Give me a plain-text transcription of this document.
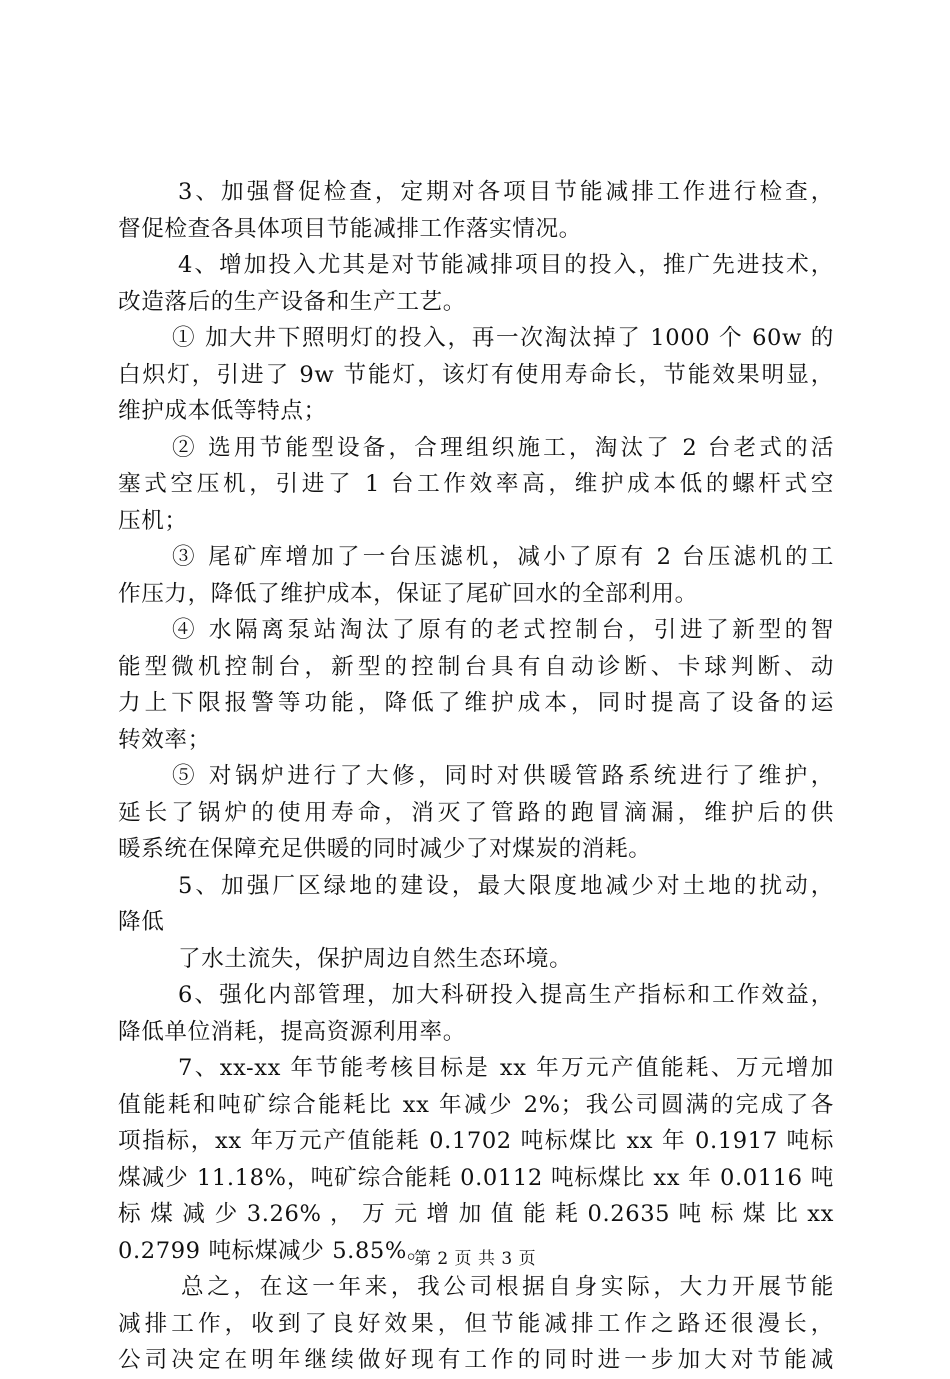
3、加强督促检查，定期对各项目节能减排工作进行检查，
督促检查各具体项目节能减排工作落实情况。
4、增加投入尤其是对节能减排项目的投入，推广先进技术，
改造落后的生产设备和生产工艺。
① 加大井下照明灯的投入，再一次淘汰掉了 1000 个 60w 的
白炽灯，引进了 9w 节能灯，该灯有使用寿命长，节能效果明显，
维护成本低等特点；
② 选用节能型设备，合理组织施工，淘汰了 2 台老式的活
塞式空压机，引进了 1 台工作效率高，维护成本低的螺杆式空
压机；
③ 尾矿库增加了一台压滤机，减小了原有 2 台压滤机的工
作压力，降低了维护成本，保证了尾矿回水的全部利用。
④ 水隔离泵站淘汰了原有的老式控制台，引进了新型的智
能型微机控制台，新型的控制台具有自动诊断、卡球判断、动
力上下限报警等功能，降低了维护成本，同时提高了设备的运
转效率；
⑤ 对锅炉进行了大修，同时对供暖管路系统进行了维护，
延长了锅炉的使用寿命，消灭了管路的跑冒滴漏，维护后的供
暖系统在保障充足供暖的同时减少了对煤炭的消耗。
5、加强厂区绿地的建设，最大限度地减少对土地的扰动，
降低
了水土流失，保护周边自然生态环境。
6、强化内部管理，加大科研投入提高生产指标和工作效益，
降低单位消耗，提高资源利用率。
7、xx-xx 年节能考核目标是 xx 年万元产值能耗、万元增加
值能耗和吨矿综合能耗比 xx 年减少 2%；我公司圆满的完成了各
项指标，xx 年万元产值能耗 0.1702 吨标煤比 xx 年 0.1917 吨标
煤减少 11.18%，吨矿综合能耗 0.0112 吨标煤比 xx 年 0.0116 吨
标 煤 减 少 3.26% ， 万 元 增 加 值 能 耗 0.2635 吨 标 煤 比 xx
0.2799 吨标煤减少 5.85%。
总之，在这一年来，我公司根据自身实际，大力开展节能
减排工作，收到了良好效果，但节能减排工作之路还很漫长，
公司决定在明年继续做好现有工作的同时进一步加大对节能减
第 2 页 共 3 页
